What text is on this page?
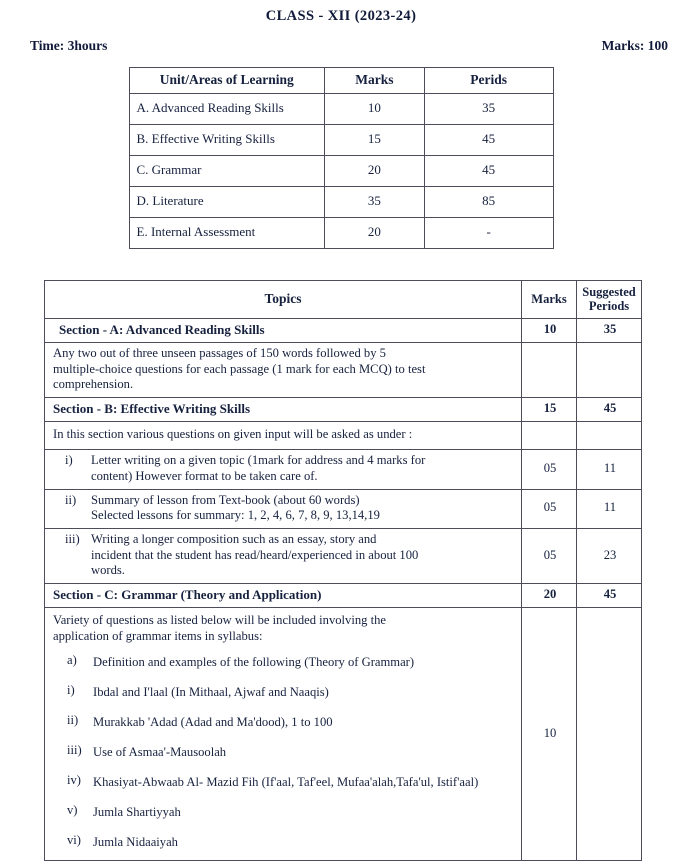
CLASS - XII (2023-24)
Time: 3hours	Marks: 100
Unit/Areas of Learning	Marks	Perids
A. Advanced Reading Skills	10	35
B. Effective Writing Skills	15	45
C. Grammar	20	45
D. Literature	35	85
E. Internal Assessment	20	-
Topics	Marks	Suggested
Periods
Section - A: Advanced Reading Skills	10	35

Any two out of three unseen passages of 150 words followed by 5
multiple-choice questions for each passage (1 mark for each MCQ) to test
comprehension.		

Section - B: Effective Writing Skills	15	45
In this section various questions on given input will be asked as under :		

i) Letter writing on a given topic (1mark for address and 4 marks for
content) However format to be taken care of.	05	11

ii) Summary of lesson from Text-book (about 60 words)
Selected lessons for summary: 1, 2, 4, 6, 7, 8, 9, 13,14,19	05	11

iii) Writing a longer composition such as an essay, story and
incident that the student has read/heard/experienced in about 100
words.	05	23
Section - C: Grammar (Theory and Application)	20	45

Variety of questions as listed below will be included involving the
application of grammar items in syllabus:
a)	Definition and examples of the following (Theory of Grammar)
i)	Ibdal and I'laal (In Mithaal, Ajwaf and Naaqis)
ii)	Murakkab 'Adad (Adad and Ma'dood), 1 to 100
iii) Use of Asmaa'-Mausoolah
iv) Khasiyat-Abwaab Al- Mazid Fih (If'aal, Taf'eel, Mufaa'alah,Tafa'ul, Istif'aal)
v)	Jumla Shartiyyah
vi) Jumla Nidaaiyah
	10	
